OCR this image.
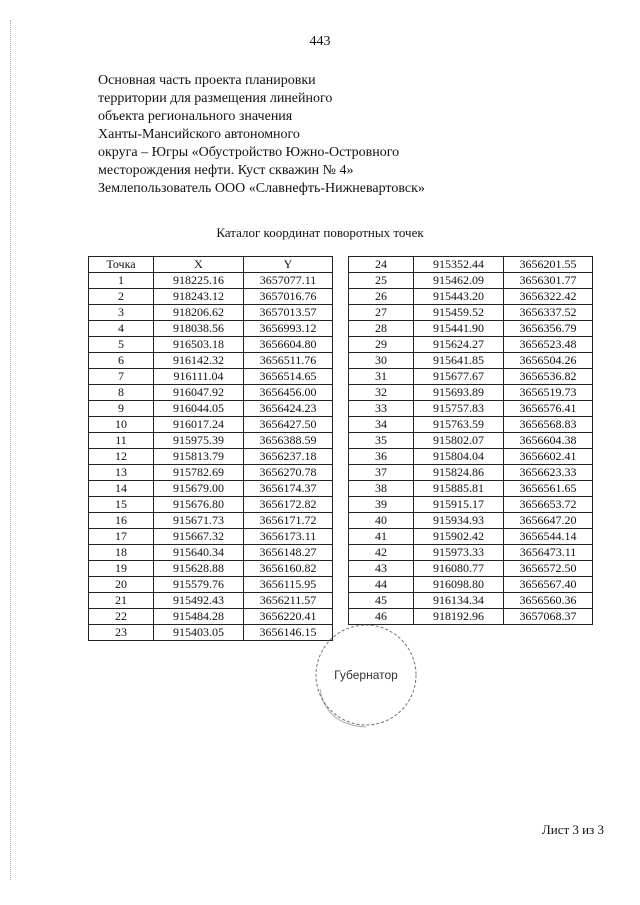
443
Основная часть проекта планировки
территории для размещения линейного
объекта регионального значения
Ханты-Мансийского автономного
округа – Югры «Обустройство Южно-Островного
месторождения нефти. Куст скважин № 4»
Землепользователь ООО «Славнефть-Нижневартовск»
Каталог координат поворотных точек
Точка	X	Y
1	918225.16	3657077.11
2	918243.12	3657016.76
3	918206.62	3657013.57
4	918038.56	3656993.12
5	916503.18	3656604.80
6	916142.32	3656511.76
7	916111.04	3656514.65
8	916047.92	3656456.00
9	916044.05	3656424.23
10	916017.24	3656427.50
11	915975.39	3656388.59
12	915813.79	3656237.18
13	915782.69	3656270.78
14	915679.00	3656174.37
15	915676.80	3656172.82
16	915671.73	3656171.72
17	915667.32	3656173.11
18	915640.34	3656148.27
19	915628.88	3656160.82
20	915579.76	3656115.95
21	915492.43	3656211.57
22	915484.28	3656220.41
23	915403.05	3656146.15
24	915352.44	3656201.55
25	915462.09	3656301.77
26	915443.20	3656322.42
27	915459.52	3656337.52
28	915441.90	3656356.79
29	915624.27	3656523.48
30	915641.85	3656504.26
31	915677.67	3656536.82
32	915693.89	3656519.73
33	915757.83	3656576.41
34	915763.59	3656568.83
35	915802.07	3656604.38
36	915804.04	3656602.41
37	915824.86	3656623.33
38	915885.81	3656561.65
39	915915.17	3656653.72
40	915934.93	3656647.20
41	915902.42	3656544.14
42	915973.33	3656473.11
43	916080.77	3656572.50
44	916098.80	3656567.40
45	916134.34	3656560.36
46	918192.96	3657068.37
Губернатор
Лист 3 из 3
